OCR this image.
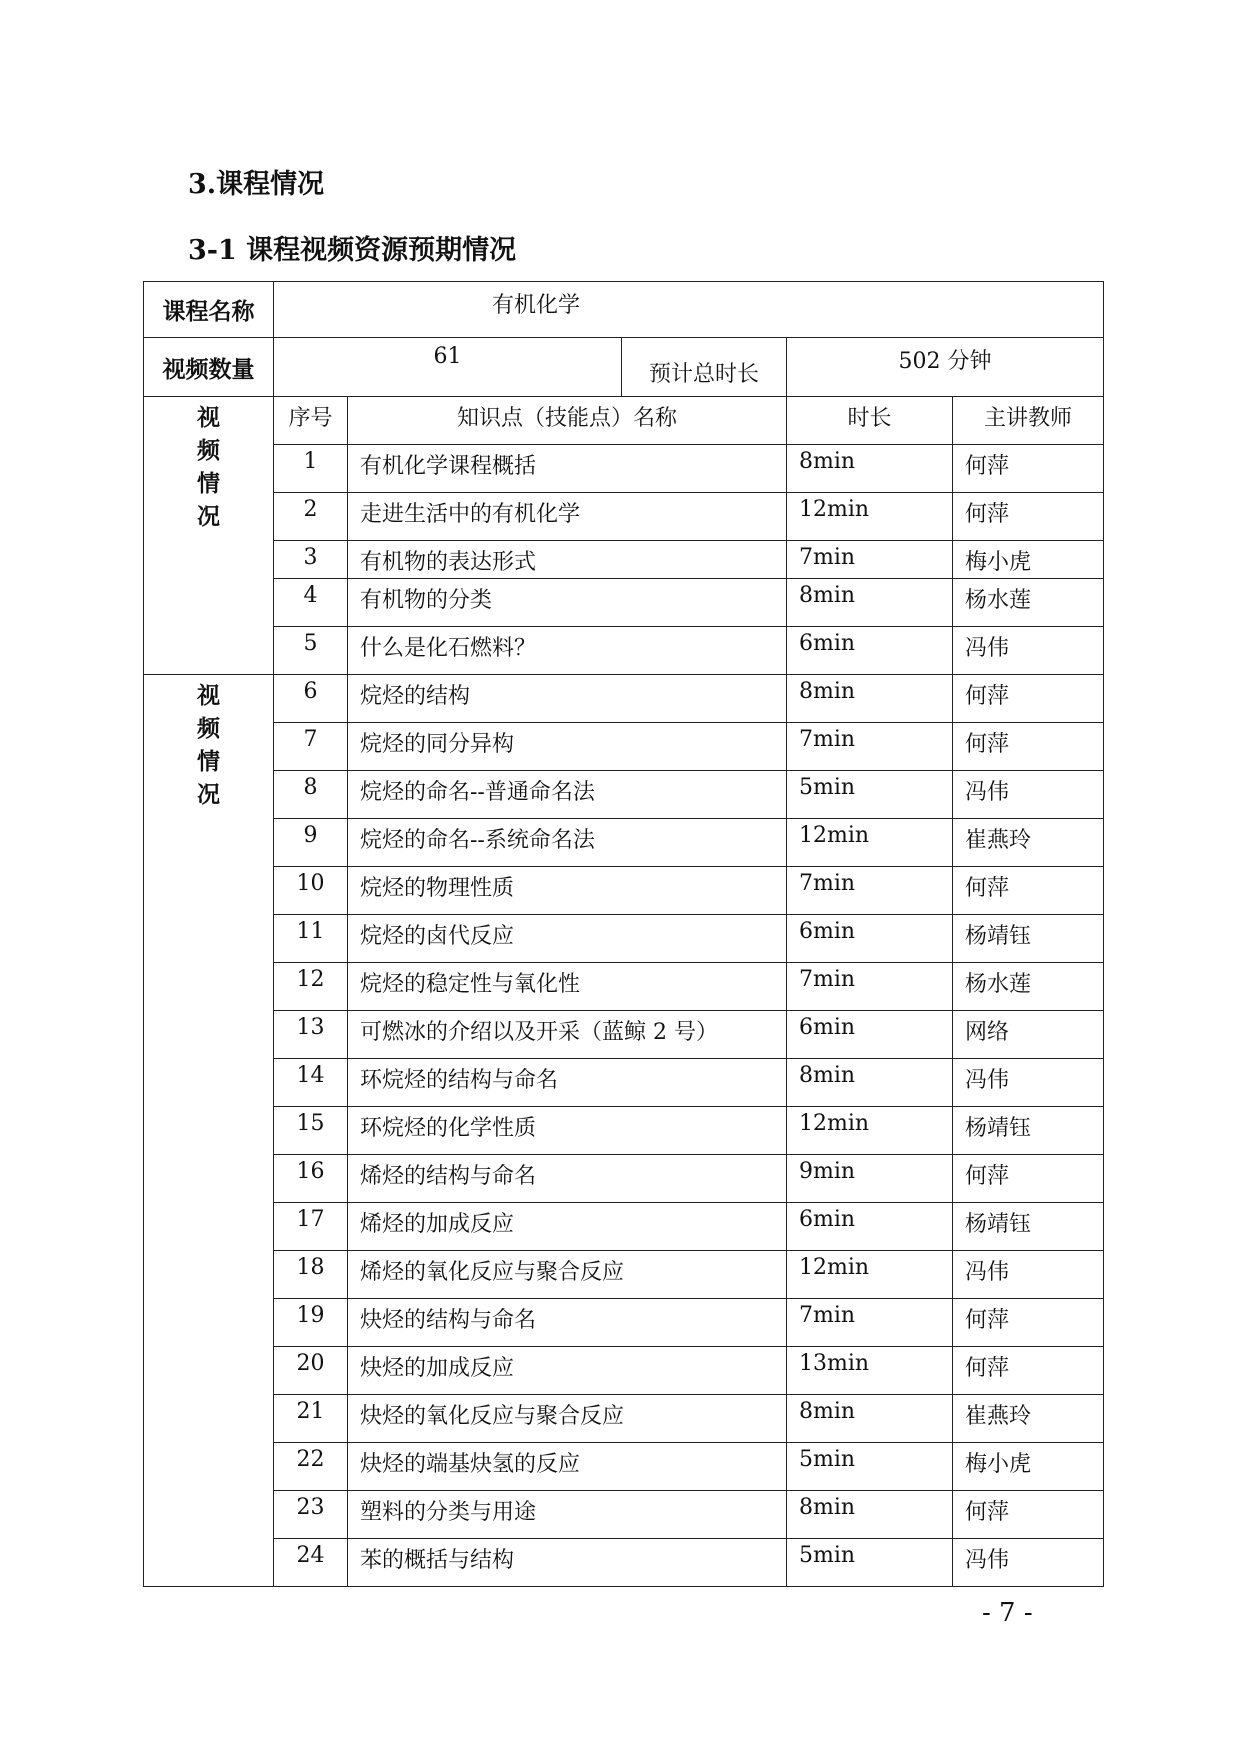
3.课程情况
3-1 课程视频资源预期情况
课程名称	有机化学				
视频数量	61		预计总时长	502 分钟	

视
频
情
况	序号	知识点（技能点）名称		时长	主讲教师
	1	有机化学课程概括		8min	何萍
	2	走进生活中的有机化学		12min	何萍
	3	有机物的表达形式		7min	梅小虎
	4	有机物的分类		8min	杨水莲
	5	什么是化石燃料？		6min	冯伟

视
频
情
况	6	烷烃的结构		8min	何萍
	7	烷烃的同分异构		7min	何萍
	8	烷烃的命名--普通命名法		5min	冯伟
	9	烷烃的命名--系统命名法		12min	崔燕玲
	10	烷烃的物理性质		7min	何萍
	11	烷烃的卤代反应		6min	杨靖钰
	12	烷烃的稳定性与氧化性		7min	杨水莲
	13	可燃冰的介绍以及开采（蓝鲸 2 号）		6min	网络
	14	环烷烃的结构与命名		8min	冯伟
	15	环烷烃的化学性质		12min	杨靖钰
	16	烯烃的结构与命名		9min	何萍
	17	烯烃的加成反应		6min	杨靖钰
	18	烯烃的氧化反应与聚合反应		12min	冯伟
	19	炔烃的结构与命名		7min	何萍
	20	炔烃的加成反应		13min	何萍
	21	炔烃的氧化反应与聚合反应		8min	崔燕玲
	22	炔烃的端基炔氢的反应		5min	梅小虎
	23	塑料的分类与用途		8min	何萍
	24	苯的概括与结构		5min	冯伟
- 7 -
